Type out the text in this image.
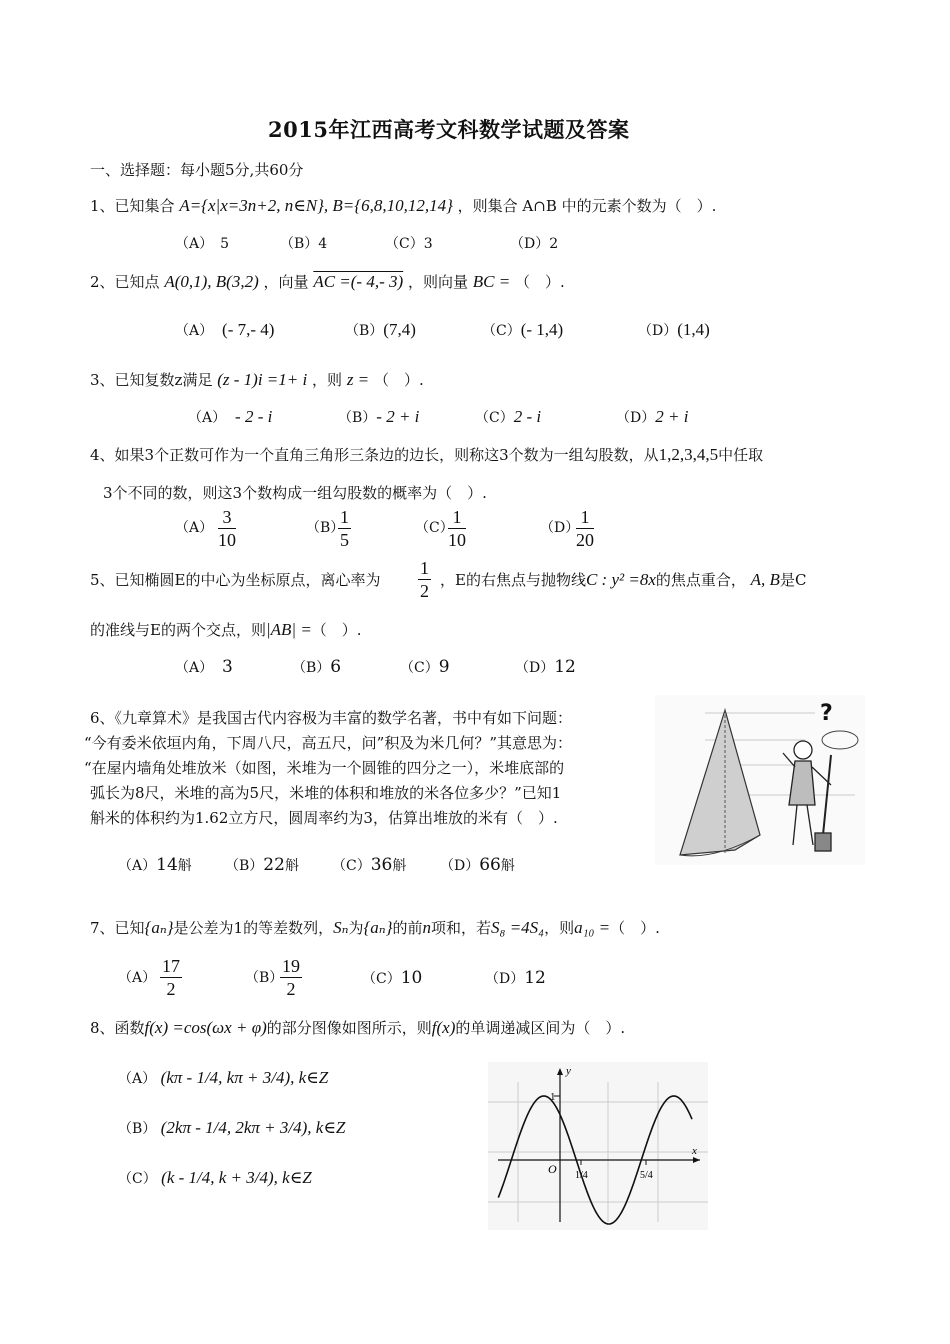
2015年江西高考文科数学试题及答案
一、选择题：每小题5分,共60分
1、已知集合 A={x|x=3n+2, n∈N}, B={6,8,10,12,14} ，则集合 A∩B 中的元素个数为（　）.
（A）　5	（B）4	（C）3	（D）2
2、已知点 A(0,1), B(3,2) ，向量 AC =(- 4,- 3) ，则向量 BC = （　）.
（A） (- 7,- 4)	（B）(7,4)	（C）(- 1,4)	（D）(1,4)
3、已知复数z满足 (z - 1)i =1+ i ，则 z = （　）.
（A） - 2 - i	（B）- 2 + i	（C）2 - i	（D）2 + i
4、如果3个正数可作为一个直角三角形三条边的边长，则称这3个数为一组勾股数，从1,2,3,4,5中任取
3个不同的数，则这3个数构成一组勾股数的概率为（　）.
$(A) \frac{3}{10}$	（B）
$\frac{1}{5}$	（C）
$\frac{1}{10}$	（D）
$\frac{1}{20}$
5、已知椭圆E的中心为坐标原点，离心率为 $\frac{1}{2}$ ，E的右焦点与抛物线C : y² =8x的焦点重合， A, B是C
的准线与E的两个交点，则|AB| =（　）.
（A） 3	（B）6	（C）9	（D）12
6、《九章算术》是我国古代内容极为丰富的数学名著，书中有如下问题：
“今有委米依垣内角，下周八尺，高五尺，问”积及为米几何？”其意思为：
“在屋内墙角处堆放米（如图，米堆为一个圆锥的四分之一），米堆底部的
弧长为8尺，米堆的高为5尺，米堆的体积和堆放的米各位多少？”已知1
斛米的体积约为1.62立方尺，圆周率约为3，估算出堆放的米有（　）.
（A）14斛 （B）22斛 （C）36斛 （D）66斛
?
7、已知{aₙ}是公差为1的等差数列，Sₙ为{aₙ}的前n项和，若S₈ =4S₄，则a₁₀ =（　）.
$(A) \frac{17}{2}$	（B）
$\frac{19}{2}$	（C）10	（D）12
8、函数f(x) =cos(ωx + φ)的部分图像如图所示，则f(x)的单调递减区间为（　）.
（A） (kπ - 1/4, kπ + 3/4), k∈Z
（B） (2kπ - 1/4, 2kπ + 3/4), k∈Z
（C） (k - 1/4, k + 3/4), k∈Z
y
x
O
1
1/4	5/4
